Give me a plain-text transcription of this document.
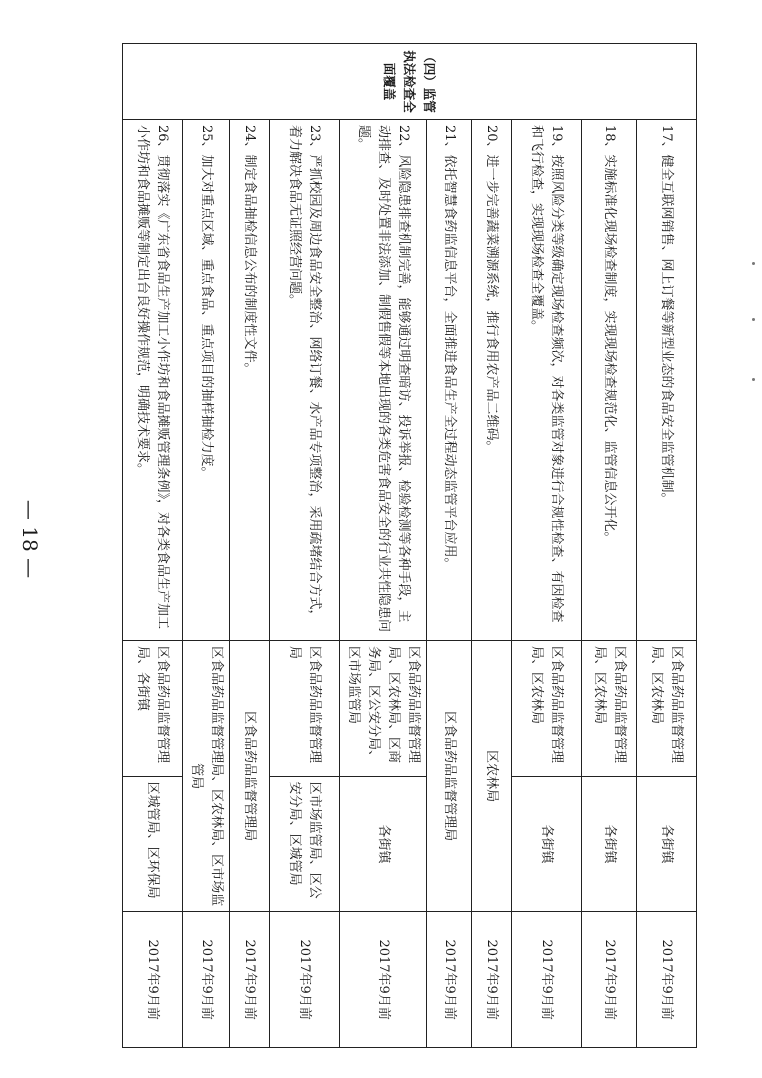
（四）监管执法检查全面覆盖	17、健全互联网销售、网上订餐等新型业态的食品安全监管机制。	区食品药品监督管理局、区农林局	各街镇	2017年9月前
	18、实施标准化现场检查制度，实现现场检查规范化、监管信息公开化。	区食品药品监督管理局、区农林局	各街镇	2017年9月前
	19、按照风险分类等级确定现场检查频次，对各类监管对象进行合规性检查、有因检查和飞行检查，实现现场检查全覆盖。	区食品药品监督管理局、区农林局	各街镇	2017年9月前
	20、进一步完善蔬菜溯源系统，推行食用农产品二维码。	区农林局		2017年9月前
	21、依托智慧食药监信息平台，全面推进食品生产全过程动态监管平台应用。	区食品药品监督管理局		2017年9月前
	22、风险隐患排查机制完善，能够通过明查暗访、投诉举报、检验检测等各种手段，主动排查、及时处置非法添加、制假售假等本地出现的各类危害食品安全的行业共性隐患问题。	区食品药品监督管理局、区农林局、区商务局、区公安分局、区市场监管局	各街镇	2017年9月前
	23、严抓校园及周边食品安全整治、网络订餐、水产品专项整治，采用疏堵结合方式，着力解决食品无证照经营问题。	区食品药品监督管理局	区市场监管局、区公安分局、区城管局	2017年9月前
	24、制定食品抽检信息公布的制度性文件。	区食品药品监督管理局		2017年9月前
	25、加大对重点区域、重点食品、重点项目的抽样抽检力度。	区食品药品监督管理局、区农林局、区市场监管局		2017年9月前
	26、贯彻落实《广东省食品生产加工小作坊和食品摊贩管理条例》，对各类食品生产加工小作坊和食品摊贩等制定出台良好操作规范，明确技术要求。	区食品药品监督管理局、各街镇	区城管局、区环保局	2017年9月前
— 18 —
